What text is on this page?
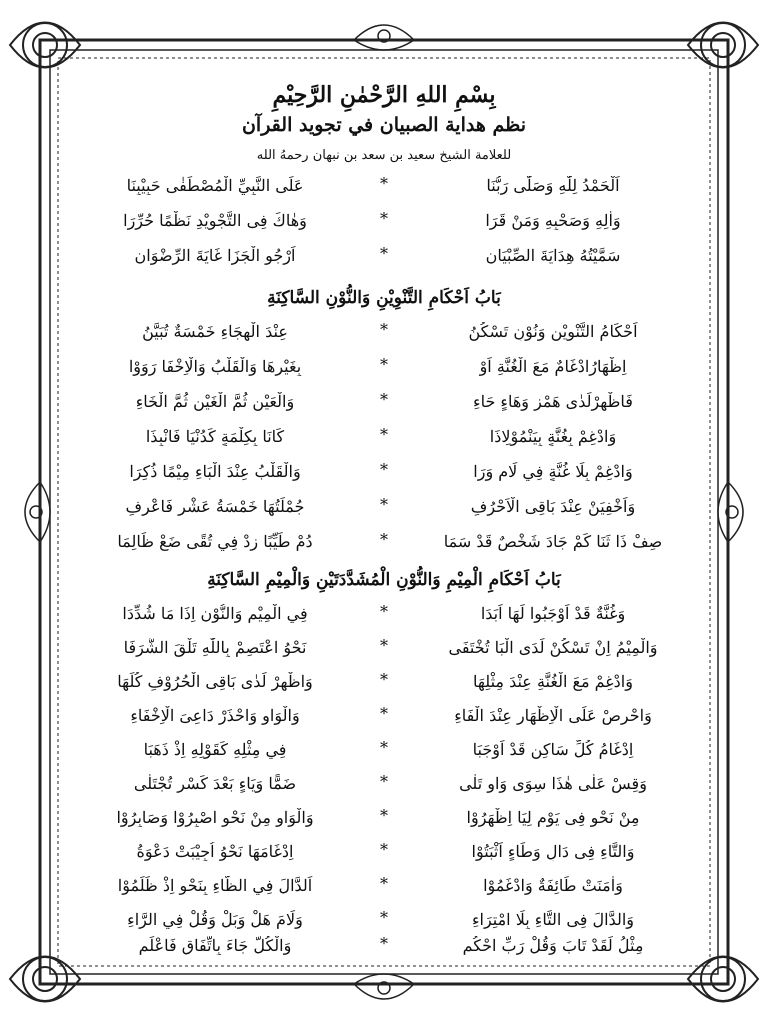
بِسْمِ اللهِ الرَّحْمٰنِ الرَّحِيْمِ
نظم هداية الصبيان في تجويد القرآن
للعلامة الشيخ سعيد بن سعد بن نبهان رحمهُ الله
اَلْحَمْدُ لِلّٰهِ وَصَلّٰى رَبُّنَا
*
عَلَى النَّبِيِّ الْمُصْطَفٰى حَبِيْبِنَا
وَاٰلِهِ وَصَحْبِهِ وَمَنْ قَرَا
*
وَهٰاكَ فِى التَّجْوِيْدِ نَظْمًا حُرِّرَا
سَمَّيْتُهُ هِدَايَةَ الصِّبْيَانِ
*
اَرْجُو الْجَزَا غَايَةَ الرِّضْوَانِ
بَابُ اَحْكَامِ التَّنْوِيْنِ وَالنُّوْنِ السَّاكِنَةِ
اَحْكَامُ التَّنْوِيْنِ وَنُوْنٍ تَسْكُنُ
*
عِنْدَ الْهِجَاءِ خَمْسَةٌ تُبَيَّنُ
اِظْهَارُادْغَامٌ مَعَ الْغُنَّةِ اَوْ
*
بِغَيْرِهَا وَالْقَلْبُ وَالْاِخْفَا رَوَوْا
فَاظْهِرْلَدٰى هَمْزٍ وَهَاءٍ حَاءِ
*
وَالْعَيْنِ ثُمَّ الْغَيْنِ ثُمَّ الْخَاءِ
وَادْغِمْ بِغُنَّةٍ بِيَنْمُوْلِاذَا
*
كَانَا بِكِلْمَةٍ كَدُنْيَا فَانْبِذَا
وَادْغِمْ بِلَا غُنَّةٍ فِي لَامٍ وَرَا
*
وَالْقَلْبُ عِنْدَ الْبَاءِ مِيْمًا ذُكِرَا
وَاَخْفِيَنْ عِنْدَ بَاقِى الْاَحْرُفِ
*
جُمْلَتُهَا خَمْسَةُ عَشْرٍ فَاعْرِفِ
صِفْ ذَا ثَنَا كَمْ جَادَ شَخْصٌ قَدْ سَمَا
*
دُمْ طَيِّبًا زِدْ فِي تُقًى ضَعْ ظَالِمَا
بَابُ اَحْكَامِ الْمِيْمِ وَالنُّوْنِ الْمُشَدَّدَتَيْنِ وَالْمِيْمِ السَّاكِنَةِ
وَغُنَّةٌ قَدْ اَوْجَبُوا لَهَا اَبَدَا
*
فِي الْمِيْمِ وَالنُّوْنِ اِذَا مَا شُدِّدَا
وَالْمِيْمُ اِنْ تَسْكُنْ لَدَى الْبَا تُخْتَفَى
*
نَحْوُ اعْتَصِمْ بِاللّٰهِ تَلْقَ الشَّرَفَا
وَادْغِمْ مَعَ الْغُنَّةِ عِنْدَ مِثْلِهَا
*
وَاظْهِرْ لَدٰى بَاقِى الْحُرُوْفِ كُلِّهَا
وَاحْرِصْ عَلَى الْاِظْهَارِ عِنْدَ الْفَاءِ
*
وَالْوَاوِ وَاحْذَرْ دَاعِىَ الْاِخْفَاءِ
اِدْغَامُ كُلِّ سَاكِنٍ قَدْ اَوْجَبَا
*
فِي مِثْلِهِ كَقَوْلِهِ اِذْ ذَهَبَا
وَقِسْ عَلٰى هٰذَا سِوَى وَاوٍ تَلٰى
*
ضَمًّا وَيَاءٍ بَعْدَ كَسْرٍ تُجْتَلٰى
مِنْ نَحْوِ فِى يَوْمٍ لِيَا اِظْهَرُوْا
*
وَالْوَاوِ مِنْ نَحْوِ اصْبِرُوْا وَصَابِرُوْا
وَالتَّاءِ فِى دَالٍ وَطَاءٍ اَثْبَتُوْا
*
اِدْغَامَهَا نَحْوُ اُجِيْبَتْ دَعْوَةُ
وَاٰمَنَتْ طَائِفَةٌ وَادْغَمُوْا
*
اَلدَّالَ فِي الظَّاءِ بِنَحْوِ اِذْ ظَلَمُوْا
وَالدَّالَ فِى التَّاءِ بِلَا امْتِرَاءِ
*
وَلَامَ هَلْ وَبَلْ وَقُلْ فِي الرَّاءِ
مِثْلُ لَقَدْ تَابَ وَقُلْ رَبِّ احْكُمِ
*
وَالْكُلُّ جَاءَ بِاتِّفَاقٍ فَاعْلَمِ
